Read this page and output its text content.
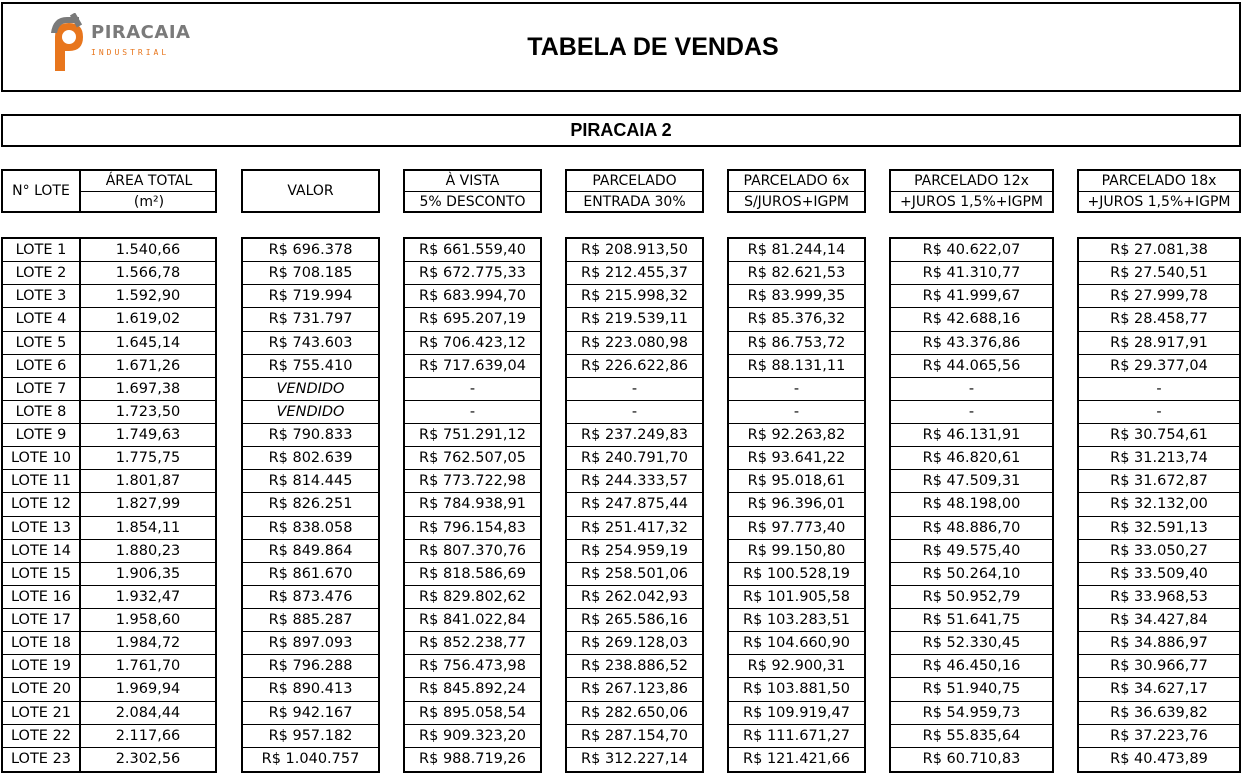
PIRACAIA
INDUSTRIAL	TABELA DE VENDAS
PIRACAIA 2
N° LOTE
ÁREA TOTAL
(m²)
VALOR
À VISTA
5% DESCONTO
PARCELADO
ENTRADA 30%
PARCELADO 6x
S/JUROS+IGPM
PARCELADO 12x
+JUROS 1,5%+IGPM
PARCELADO 18x
+JUROS 1,5%+IGPM
LOTE 1
LOTE 2
LOTE 3
LOTE 4
LOTE 5
LOTE 6
LOTE 7
LOTE 8
LOTE 9
LOTE 10
LOTE 11
LOTE 12
LOTE 13
LOTE 14
LOTE 15
LOTE 16
LOTE 17
LOTE 18
LOTE 19
LOTE 20
LOTE 21
LOTE 22
LOTE 23
1.540,66
1.566,78
1.592,90
1.619,02
1.645,14
1.671,26
1.697,38
1.723,50
1.749,63
1.775,75
1.801,87
1.827,99
1.854,11
1.880,23
1.906,35
1.932,47
1.958,60
1.984,72
1.761,70
1.969,94
2.084,44
2.117,66
2.302,56
R$ 696.378
R$ 708.185
R$ 719.994
R$ 731.797
R$ 743.603
R$ 755.410
VENDIDO
VENDIDO
R$ 790.833
R$ 802.639
R$ 814.445
R$ 826.251
R$ 838.058
R$ 849.864
R$ 861.670
R$ 873.476
R$ 885.287
R$ 897.093
R$ 796.288
R$ 890.413
R$ 942.167
R$ 957.182
R$ 1.040.757
R$ 661.559,40
R$ 672.775,33
R$ 683.994,70
R$ 695.207,19
R$ 706.423,12
R$ 717.639,04
-
-
R$ 751.291,12
R$ 762.507,05
R$ 773.722,98
R$ 784.938,91
R$ 796.154,83
R$ 807.370,76
R$ 818.586,69
R$ 829.802,62
R$ 841.022,84
R$ 852.238,77
R$ 756.473,98
R$ 845.892,24
R$ 895.058,54
R$ 909.323,20
R$ 988.719,26
R$ 208.913,50
R$ 212.455,37
R$ 215.998,32
R$ 219.539,11
R$ 223.080,98
R$ 226.622,86
-
-
R$ 237.249,83
R$ 240.791,70
R$ 244.333,57
R$ 247.875,44
R$ 251.417,32
R$ 254.959,19
R$ 258.501,06
R$ 262.042,93
R$ 265.586,16
R$ 269.128,03
R$ 238.886,52
R$ 267.123,86
R$ 282.650,06
R$ 287.154,70
R$ 312.227,14
R$ 81.244,14
R$ 82.621,53
R$ 83.999,35
R$ 85.376,32
R$ 86.753,72
R$ 88.131,11
-
-
R$ 92.263,82
R$ 93.641,22
R$ 95.018,61
R$ 96.396,01
R$ 97.773,40
R$ 99.150,80
R$ 100.528,19
R$ 101.905,58
R$ 103.283,51
R$ 104.660,90
R$ 92.900,31
R$ 103.881,50
R$ 109.919,47
R$ 111.671,27
R$ 121.421,66
R$ 40.622,07
R$ 41.310,77
R$ 41.999,67
R$ 42.688,16
R$ 43.376,86
R$ 44.065,56
-
-
R$ 46.131,91
R$ 46.820,61
R$ 47.509,31
R$ 48.198,00
R$ 48.886,70
R$ 49.575,40
R$ 50.264,10
R$ 50.952,79
R$ 51.641,75
R$ 52.330,45
R$ 46.450,16
R$ 51.940,75
R$ 54.959,73
R$ 55.835,64
R$ 60.710,83
R$ 27.081,38
R$ 27.540,51
R$ 27.999,78
R$ 28.458,77
R$ 28.917,91
R$ 29.377,04
-
-
R$ 30.754,61
R$ 31.213,74
R$ 31.672,87
R$ 32.132,00
R$ 32.591,13
R$ 33.050,27
R$ 33.509,40
R$ 33.968,53
R$ 34.427,84
R$ 34.886,97
R$ 30.966,77
R$ 34.627,17
R$ 36.639,82
R$ 37.223,76
R$ 40.473,89
